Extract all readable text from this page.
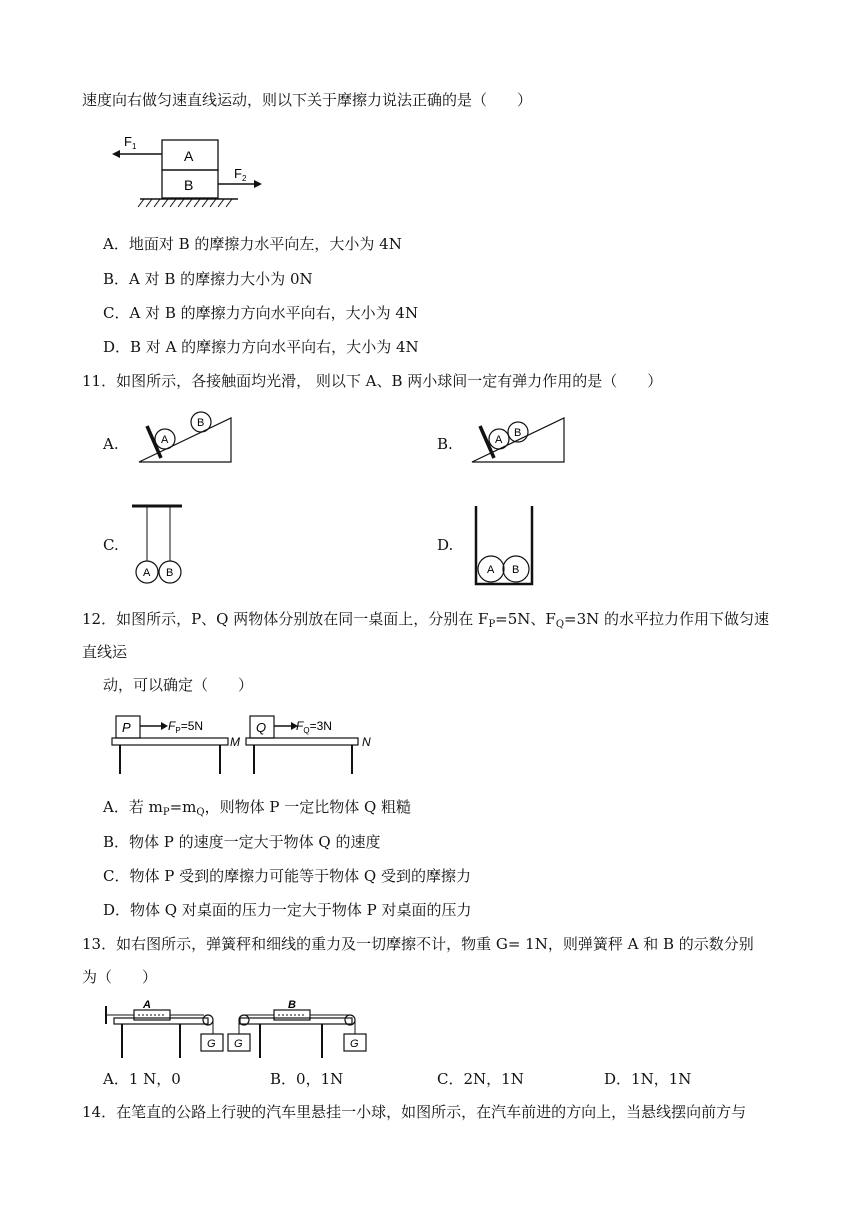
速度向右做匀速直线运动，则以下关于摩擦力说法正确的是（　　）
$F_1$
A
B
$F_2$
A．地面对 B 的摩擦力水平向左，大小为 4N
B．A 对 B 的摩擦力大小为 0N
C．A 对 B 的摩擦力方向水平向右，大小为 4N
D．B 对 A 的摩擦力方向水平向右，大小为 4N
11．如图所示，各接触面均光滑， 则以下 A、B 两小球间一定有弹力作用的是（　　）
A.	A
B
B.	A
B
C.
A B
D.
A B
12．如图所示，P、Q 两物体分别放在同一桌面上，分别在 $F_P=5N$、$F_Q=3N$ 的水平拉力作用下做匀速
直线运
动，可以确定（　　）
P	$F_P=5N$
M
Q $F_Q=3N$
N
A．若 $m_P=m_Q$，则物体 P 一定比物体 Q 粗糙
B．物体 P 的速度一定大于物体 Q 的速度
C．物体 P 受到的摩擦力可能等于物体 Q 受到的摩擦力
D．物体 Q 对桌面的压力一定大于物体 P 对桌面的压力
13．如右图所示，弹簧秤和细线的重力及一切摩擦不计，物重 G= 1N，则弹簧秤 A 和 B 的示数分别
为（　　）
A
G G
B
G
A．1 N，0	B．0，1N	C．2N，1N	D．1N，1N
14．在笔直的公路上行驶的汽车里悬挂一小球，如图所示，在汽车前进的方向上，当悬线摆向前方与
